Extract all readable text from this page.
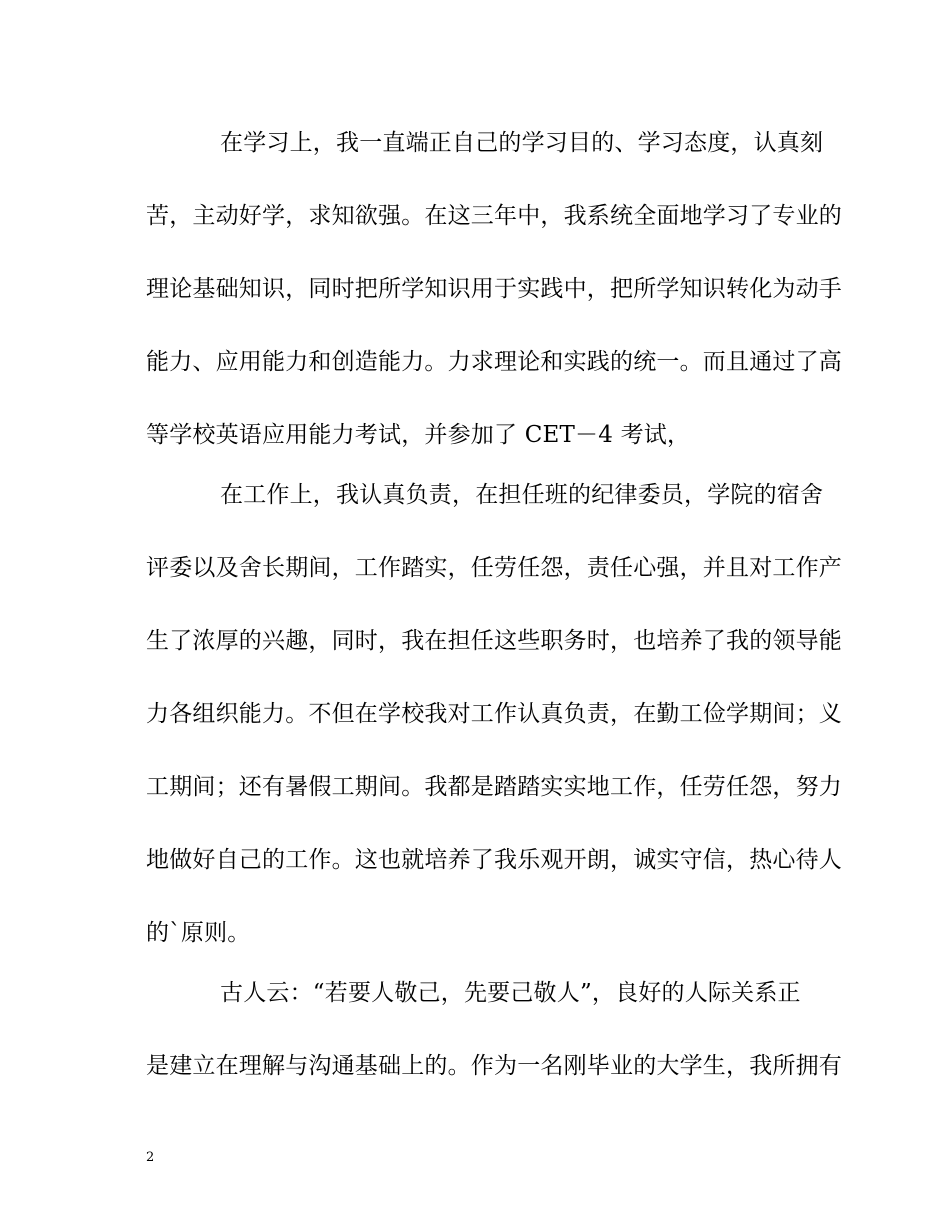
在学习上，我一直端正自己的学习目的、学习态度，认真刻
苦，主动好学，求知欲强。在这三年中，我系统全面地学习了专业的
理论基础知识，同时把所学知识用于实践中，把所学知识转化为动手
能力、应用能力和创造能力。力求理论和实践的统一。而且通过了高
等学校英语应用能力考试，并参加了 CET－4 考试，
在工作上，我认真负责，在担任班的纪律委员，学院的宿舍
评委以及舍长期间，工作踏实，任劳任怨，责任心强，并且对工作产
生了浓厚的兴趣，同时，我在担任这些职务时，也培养了我的领导能
力各组织能力。不但在学校我对工作认真负责，在勤工俭学期间；义
工期间；还有暑假工期间。我都是踏踏实实地工作，任劳任怨，努力
地做好自己的工作。这也就培养了我乐观开朗，诚实守信，热心待人
的`原则。
古人云：“若要人敬己，先要己敬人”，良好的人际关系正
是建立在理解与沟通基础上的。作为一名刚毕业的大学生，我所拥有
2
